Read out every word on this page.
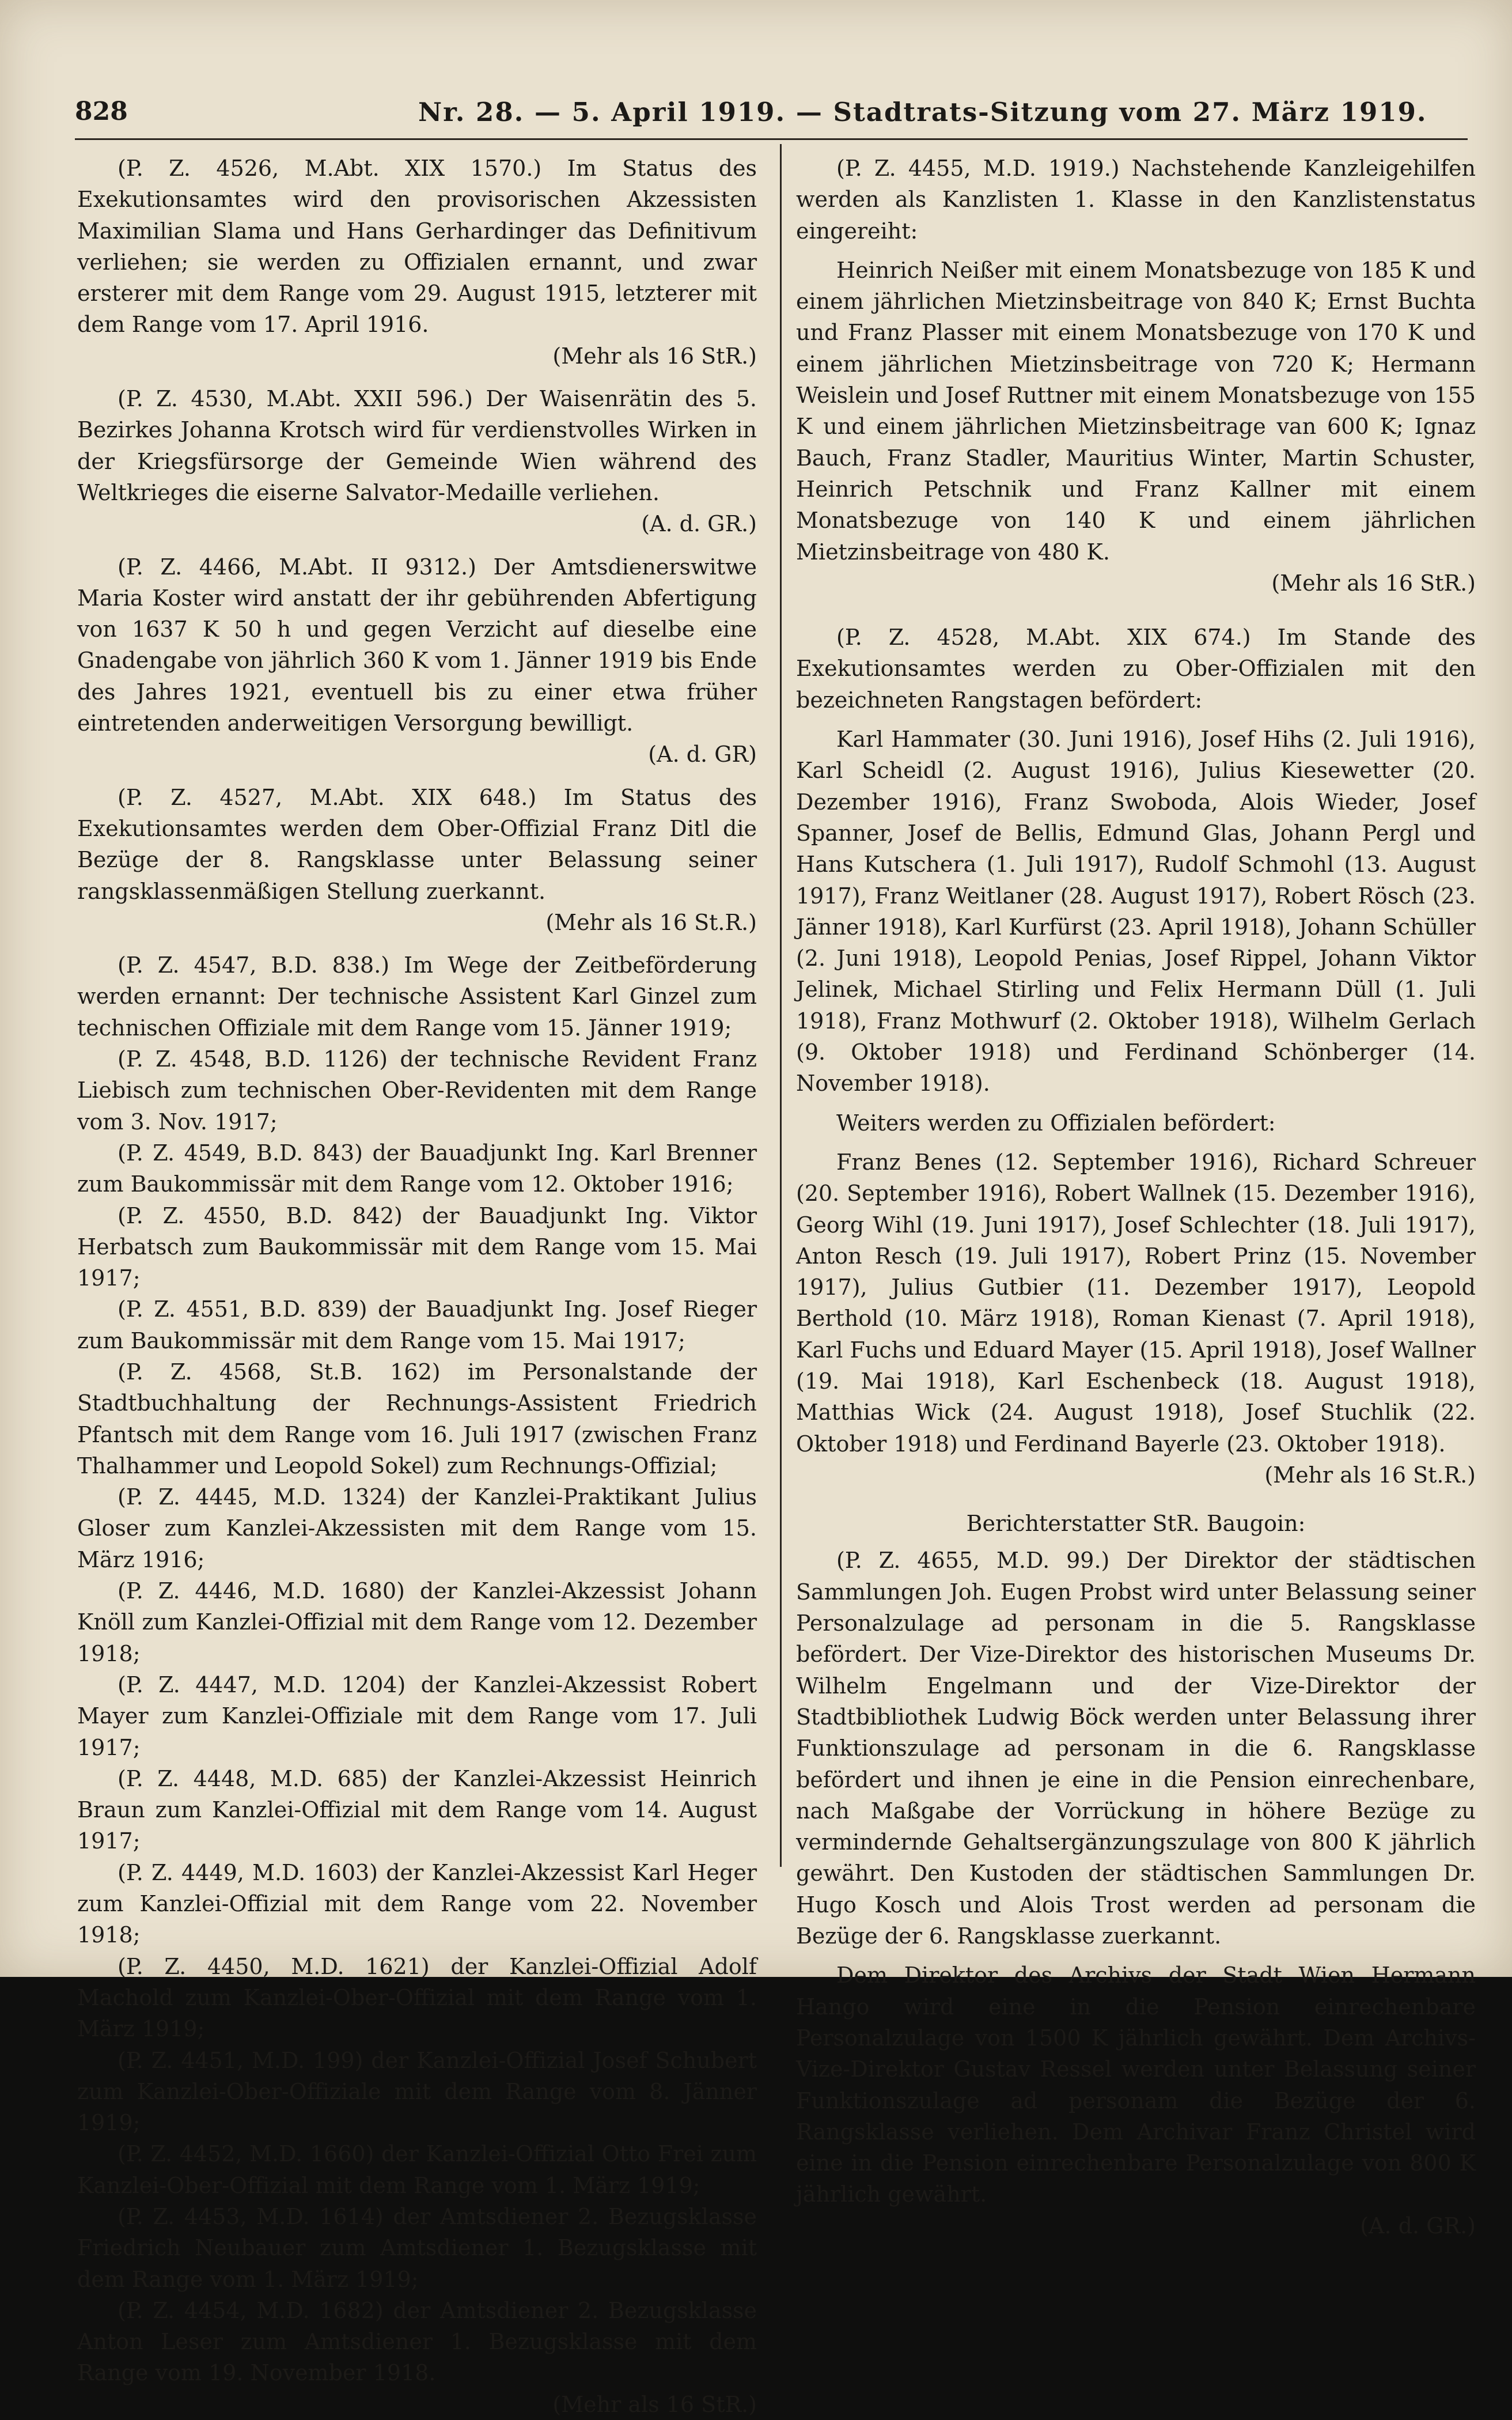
828	Nr. 28. — 5. April 1919. — Stadtrats-Sitzung vom 27. März 1919.

(P. Z. 4526, M.Abt. XIX 1570.) Im Status des Exekutionsamtes wird den provisorischen Akzessisten Maximilian Slama und Hans Gerhardinger das Definitivum verliehen; sie werden zu Offizialen ernannt, und zwar ersterer mit dem Range vom 29. August 1915, letzterer mit dem Range vom 17. April 1916.

(Mehr als 16 StR.)

(P. Z. 4530, M.Abt. XXII 596.) Der Waisenrätin des 5. Bezirkes Johanna Krotsch wird für verdienstvolles Wirken in der Kriegsfürsorge der Gemeinde Wien während des Weltkrieges die eiserne Salvator-Medaille verliehen.

(A. d. GR.)

(P. Z. 4466, M.Abt. II 9312.) Der Amtsdienerswitwe Maria Koster wird anstatt der ihr gebührenden Abfertigung von 1637 K 50 h und gegen Verzicht auf dieselbe eine Gnadengabe von jährlich 360 K vom 1. Jänner 1919 bis Ende des Jahres 1921, eventuell bis zu einer etwa früher eintretenden anderweitigen Versorgung bewilligt.

(A. d. GR)

(P. Z. 4527, M.Abt. XIX 648.) Im Status des Exekutionsamtes werden dem Ober-Offizial Franz Ditl die Bezüge der 8. Rangsklasse unter Belassung seiner rangsklassenmäßigen Stellung zuerkannt.

(Mehr als 16 St.R.)

(P. Z. 4547, B.D. 838.) Im Wege der Zeitbeförderung werden ernannt: Der technische Assistent Karl Ginzel zum technischen Offiziale mit dem Range vom 15. Jänner 1919;

(P. Z. 4548, B.D. 1126) der technische Revident Franz Liebisch zum technischen Ober-Revidenten mit dem Range vom 3. Nov. 1917;

(P. Z. 4549, B.D. 843) der Bauadjunkt Ing. Karl Brenner zum Baukommissär mit dem Range vom 12. Oktober 1916;

(P. Z. 4550, B.D. 842) der Bauadjunkt Ing. Viktor Herbatsch zum Baukommissär mit dem Range vom 15. Mai 1917;

(P. Z. 4551, B.D. 839) der Bauadjunkt Ing. Josef Rieger zum Baukommissär mit dem Range vom 15. Mai 1917;

(P. Z. 4568, St.B. 162) im Personalstande der Stadtbuchhaltung der Rechnungs-Assistent Friedrich Pfantsch mit dem Range vom 16. Juli 1917 (zwischen Franz Thalhammer und Leopold Sokel) zum Rechnungs-Offizial;

(P. Z. 4445, M.D. 1324) der Kanzlei-Praktikant Julius Gloser zum Kanzlei-Akzessisten mit dem Range vom 15. März 1916;

(P. Z. 4446, M.D. 1680) der Kanzlei-Akzessist Johann Knöll zum Kanzlei-Offizial mit dem Range vom 12. Dezember 1918;

(P. Z. 4447, M.D. 1204) der Kanzlei-Akzessist Robert Mayer zum Kanzlei-Offiziale mit dem Range vom 17. Juli 1917;

(P. Z. 4448, M.D. 685) der Kanzlei-Akzessist Heinrich Braun zum Kanzlei-Offizial mit dem Range vom 14. August 1917;

(P. Z. 4449, M.D. 1603) der Kanzlei-Akzessist Karl Heger zum Kanzlei-Offizial mit dem Range vom 22. November 1918;

(P. Z. 4450, M.D. 1621) der Kanzlei-Offizial Adolf Machold zum Kanzlei-Ober-Offizial mit dem Range vom 1. März 1919;

(P. Z. 4451, M.D. 199) der Kanzlei-Offizial Josef Schubert zum Kanzlei-Ober-Offiziale mit dem Range vom 8. Jänner 1919;

(P. Z. 4452, M.D. 1660) der Kanzlei-Offizial Otto Frei zum Kanzlei-Ober-Offizial mit dem Range vom 1. März 1919;

(P. Z. 4453, M.D. 1614) der Amtsdiener 2. Bezugsklasse Friedrich Neubauer zum Amtsdiener 1. Bezugsklasse mit dem Range vom 1. März 1919;

(P. Z. 4454, M.D. 1682) der Amtsdiener 2. Bezugsklasse Anton Leser zum Amtsdiener 1. Bezugsklasse mit dem Range vom 19. November 1918.

(Mehr als 16 StR.)

(P. Z. 4455, M.D. 1919.) Nachstehende Kanzleigehilfen werden als Kanzlisten 1. Klasse in den Kanzlistenstatus eingereiht:

Heinrich Neißer mit einem Monatsbezuge von 185 K und einem jährlichen Mietzinsbeitrage von 840 K; Ernst Buchta und Franz Plasser mit einem Monatsbezuge von 170 K und einem jährlichen Mietzinsbeitrage von 720 K; Hermann Weislein und Josef Ruttner mit einem Monatsbezuge von 155 K und einem jährlichen Mietzinsbeitrage van 600 K; Ignaz Bauch, Franz Stadler, Mauritius Winter, Martin Schuster, Heinrich Petschnik und Franz Kallner mit einem Monatsbezuge von 140 K und einem jährlichen Mietzinsbeitrage von 480 K.

(Mehr als 16 StR.)

(P. Z. 4528, M.Abt. XIX 674.) Im Stande des Exekutionsamtes werden zu Ober-Offizialen mit den bezeichneten Rangstagen befördert:

Karl Hammater (30. Juni 1916), Josef Hihs (2. Juli 1916), Karl Scheidl (2. August 1916), Julius Kiesewetter (20. Dezember 1916), Franz Swoboda, Alois Wieder, Josef Spanner, Josef de Bellis, Edmund Glas, Johann Pergl und Hans Kutschera (1. Juli 1917), Rudolf Schmohl (13. August 1917), Franz Weitlaner (28. August 1917), Robert Rösch (23. Jänner 1918), Karl Kurfürst (23. April 1918), Johann Schüller (2. Juni 1918), Leopold Penias, Josef Rippel, Johann Viktor Jelinek, Michael Stirling und Felix Hermann Düll (1. Juli 1918), Franz Mothwurf (2. Oktober 1918), Wilhelm Gerlach (9. Oktober 1918) und Ferdinand Schönberger (14. November 1918).

Weiters werden zu Offizialen befördert:

Franz Benes (12. September 1916), Richard Schreuer (20. September 1916), Robert Wallnek (15. Dezember 1916), Georg Wihl (19. Juni 1917), Josef Schlechter (18. Juli 1917), Anton Resch (19. Juli 1917), Robert Prinz (15. November 1917), Julius Gutbier (11. Dezember 1917), Leopold Berthold (10. März 1918), Roman Kienast (7. April 1918), Karl Fuchs und Eduard Mayer (15. April 1918), Josef Wallner (19. Mai 1918), Karl Eschenbeck (18. August 1918), Matthias Wick (24. August 1918), Josef Stuchlik (22. Oktober 1918) und Ferdinand Bayerle (23. Oktober 1918).

(Mehr als 16 St.R.)
Berichterstatter StR. Baugoin:

(P. Z. 4655, M.D. 99.) Der Direktor der städtischen Sammlungen Joh. Eugen Probst wird unter Belassung seiner Personalzulage ad personam in die 5. Rangsklasse befördert. Der Vize-Direktor des historischen Museums Dr. Wilhelm Engelmann und der Vize-Direktor der Stadtbibliothek Ludwig Böck werden unter Belassung ihrer Funktionszulage ad personam in die 6. Rangsklasse befördert und ihnen je eine in die Pension einrechenbare, nach Maßgabe der Vorrückung in höhere Bezüge zu vermindernde Gehaltsergänzungszulage von 800 K jährlich gewährt. Den Kustoden der städtischen Sammlungen Dr. Hugo Kosch und Alois Trost werden ad personam die Bezüge der 6. Rangsklasse zuerkannt.

Dem Direktor des Archivs der Stadt Wien Hermann Hango wird eine in die Pension einrechenbare Personalzulage von 1500 K jährlich gewährt. Dem Archivs-Vize-Direktor Gustav Ressel werden unter Belassung seiner Funktionszulage ad personam die Bezüge der 6. Rangsklasse verliehen. Dem Archivar Franz Christel wird eine in die Pension einrechenbare Personalzulage von 800 K jährlich gewährt.

(A. d. GR.)
